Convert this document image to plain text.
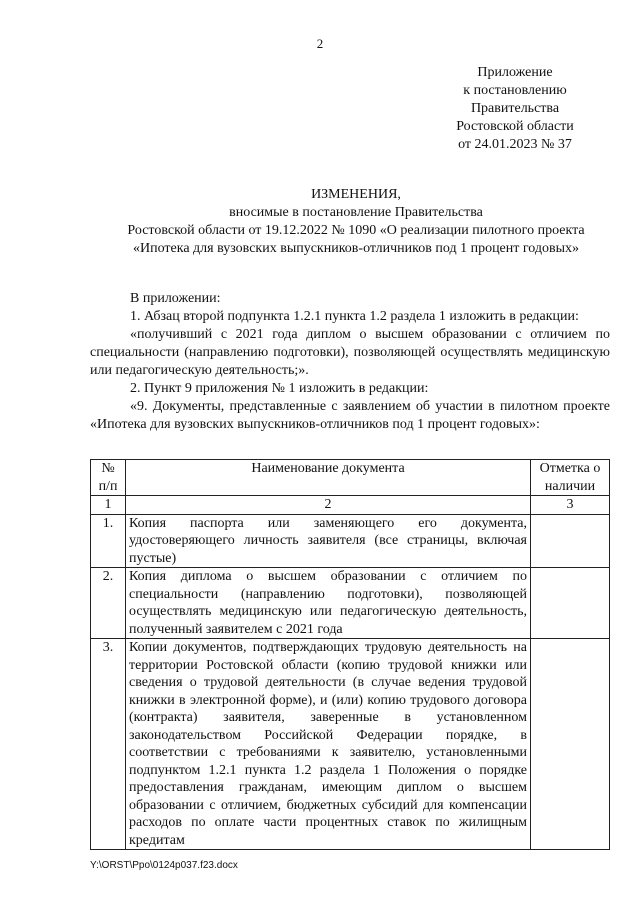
2
Приложение
к постановлению
Правительства
Ростовской области
от 24.01.2023 № 37
ИЗМЕНЕНИЯ,
вносимые в постановление Правительства
Ростовской области от 19.12.2022 № 1090 «О реализации пилотного проекта
«Ипотека для вузовских выпускников-отличников под 1 процент годовых»

В приложении:

1. Абзац второй подпункта 1.2.1 пункта 1.2 раздела 1 изложить в редакции:

«получивший с 2021 года диплом о высшем образовании с отличием по специальности (направлению подготовки), позволяющей осуществлять медицинскую или педагогическую деятельность;».

2. Пункт 9 приложения № 1 изложить в редакции:

«9. Документы, представленные с заявлением об участии в пилотном проекте «Ипотека для вузовских выпускников-отличников под 1 процент годовых»:

№ п/п	Наименование документа	Отметка о наличии
1	2	3
1.	Копия паспорта или заменяющего его документа, удостоверяющего личность заявителя (все страницы, включая пустые)	
2.	Копия диплома о высшем образовании с отличием по специальности (направлению подготовки), позволяющей осуществлять медицинскую или педагогическую деятельность, полученный заявителем с 2021 года	
3.	Копии документов, подтверждающих трудовую деятельность на территории Ростовской области (копию трудовой книжки или сведения о трудовой деятельности (в случае ведения трудовой книжки в электронной форме), и (или) копию трудового договора (контракта) заявителя, заверенные в установленном законодательством Российской Федерации порядке, в соответствии с требованиями к заявителю, установленными подпунктом 1.2.1 пункта 1.2 раздела 1 Положения о порядке предоставления гражданам, имеющим диплом о высшем образовании с отличием, бюджетных субсидий для компенсации расходов по оплате части процентных ставок по жилищным кредитам	
Y:\ORST\Ppo\0124p037.f23.docx
